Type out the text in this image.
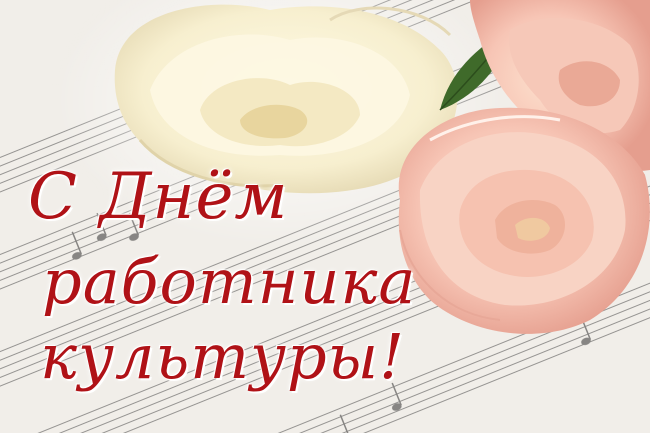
С Днём
работника
культуры!
